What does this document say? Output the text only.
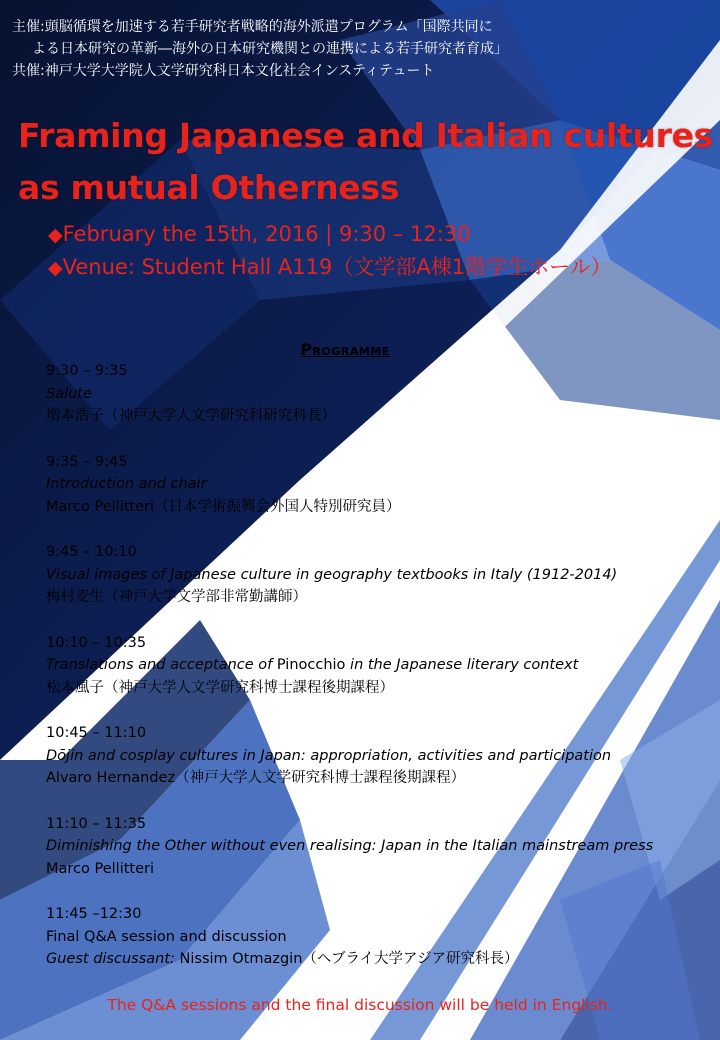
主催:頭脳循環を加速する若手研究者戦略的海外派遣プログラム「国際共同に
よる日本研究の革新―海外の日本研究機関との連携による若手研究者育成」
共催:神戸大学大学院人文学研究科日本文化社会インスティテュート
Framing Japanese and Italian cultures
as mutual Otherness
◆February the 15th, 2016 | 9:30 – 12:30
◆Venue: Student Hall A119（文学部A棟1階学生ホール）
Programme
9:30 – 9:35
Salute
増本浩子（神戸大学人文学研究科研究科長）
9:35 – 9:45
Introduction and chair
Marco Pellitteri（日本学術振興会外国人特別研究員）
9:45 – 10:10
Visual images of Japanese culture in geography textbooks in Italy (1912-2014)
梅村麦生（神戸大学文学部非常勤講師）
10:10 – 10:35
Translations and acceptance of Pinocchio in the Japanese literary context
松本風子（神戸大学人文学研究科博士課程後期課程）
10:45 – 11:10
Dōjin and cosplay cultures in Japan: appropriation, activities and participation
Alvaro Hernandez（神戸大学人文学研究科博士課程後期課程）
11:10 – 11:35
Diminishing the Other without even realising: Japan in the Italian mainstream press
Marco Pellitteri
11:45 –12:30
Final Q&A session and discussion
Guest discussant: Nissim Otmazgin（ヘブライ大学アジア研究科長）
The Q&A sessions and the final discussion will be held in English.
